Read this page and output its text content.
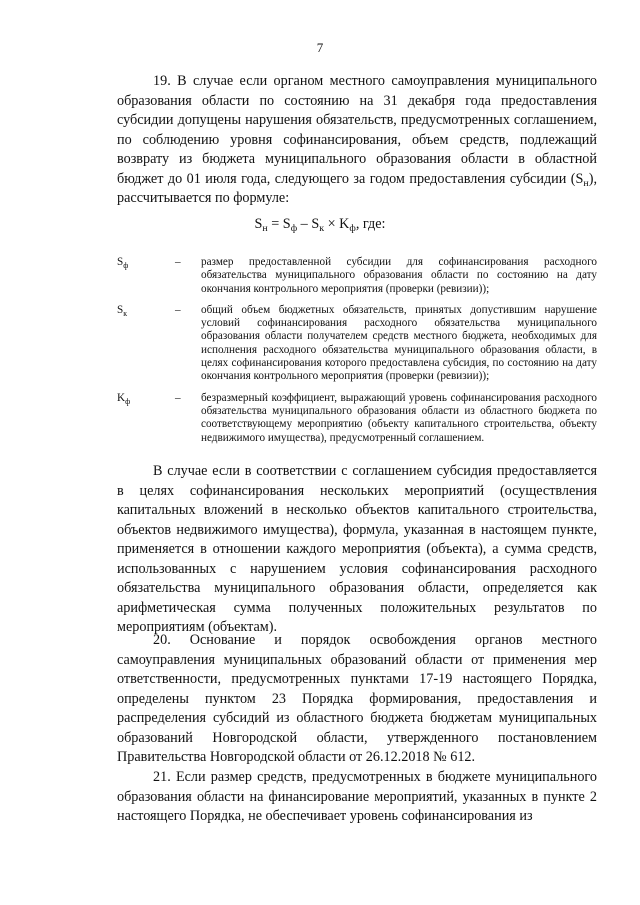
7

19. В случае если органом местного самоуправления муниципального образования области по состоянию на 31 декабря года предоставления субсидии допущены нарушения обязательств, предусмотренных соглашением, по соблюдению уровня софинансирования, объем средств, подлежащий возврату из бюджета муниципального образования области в областной бюджет до 01 июля года, следующего за годом предоставления субсидии $(S_н)$, рассчитывается по формуле:

$S_н = S_ф - S_к \times K_ф$, где:
$S_ф$	–	размер предоставленной субсидии для софинансирования расходного обязательства муниципального образования области по состоянию на дату окончания контрольного мероприятия (проверки (ревизии));
$S_к$	–	общий объем бюджетных обязательств, принятых допустившим нарушение условий софинансирования расходного обязательства муниципального образования области получателем средств местного бюджета, необходимых для исполнения расходного обязательства муниципального образования области, в целях софинансирования которого предоставлена субсидия, по состоянию на дату окончания контрольного мероприятия (проверки (ревизии));
$K_ф$	–	безразмерный коэффициент, выражающий уровень софинансирования расходного обязательства муниципального образования области из областного бюджета по соответствующему мероприятию (объекту капитального строительства, объекту недвижимого имущества), предусмотренный соглашением.

В случае если в соответствии с соглашением субсидия предоставляется в целях софинансирования нескольких мероприятий (осуществления капитальных вложений в несколько объектов капитального строительства, объектов недвижимого имущества), формула, указанная в настоящем пункте, применяется в отношении каждого мероприятия (объекта), а сумма средств, использованных с нарушением условия софинансирования расходного обязательства муниципального образования области, определяется как арифметическая сумма полученных положительных результатов по мероприятиям (объектам).

20. Основание и порядок освобождения органов местного самоуправления муниципальных образований области от применения мер ответственности, предусмотренных пунктами 17-19 настоящего Порядка, определены пунктом 23 Порядка формирования, предоставления и распределения субсидий из областного бюджета бюджетам муниципальных образований Новгородской области, утвержденного постановлением Правительства Новгородской области от 26.12.2018 № 612.

21. Если размер средств, предусмотренных в бюджете муниципального образования области на финансирование мероприятий, указанных в пункте 2 настоящего Порядка, не обеспечивает уровень софинансирования из
